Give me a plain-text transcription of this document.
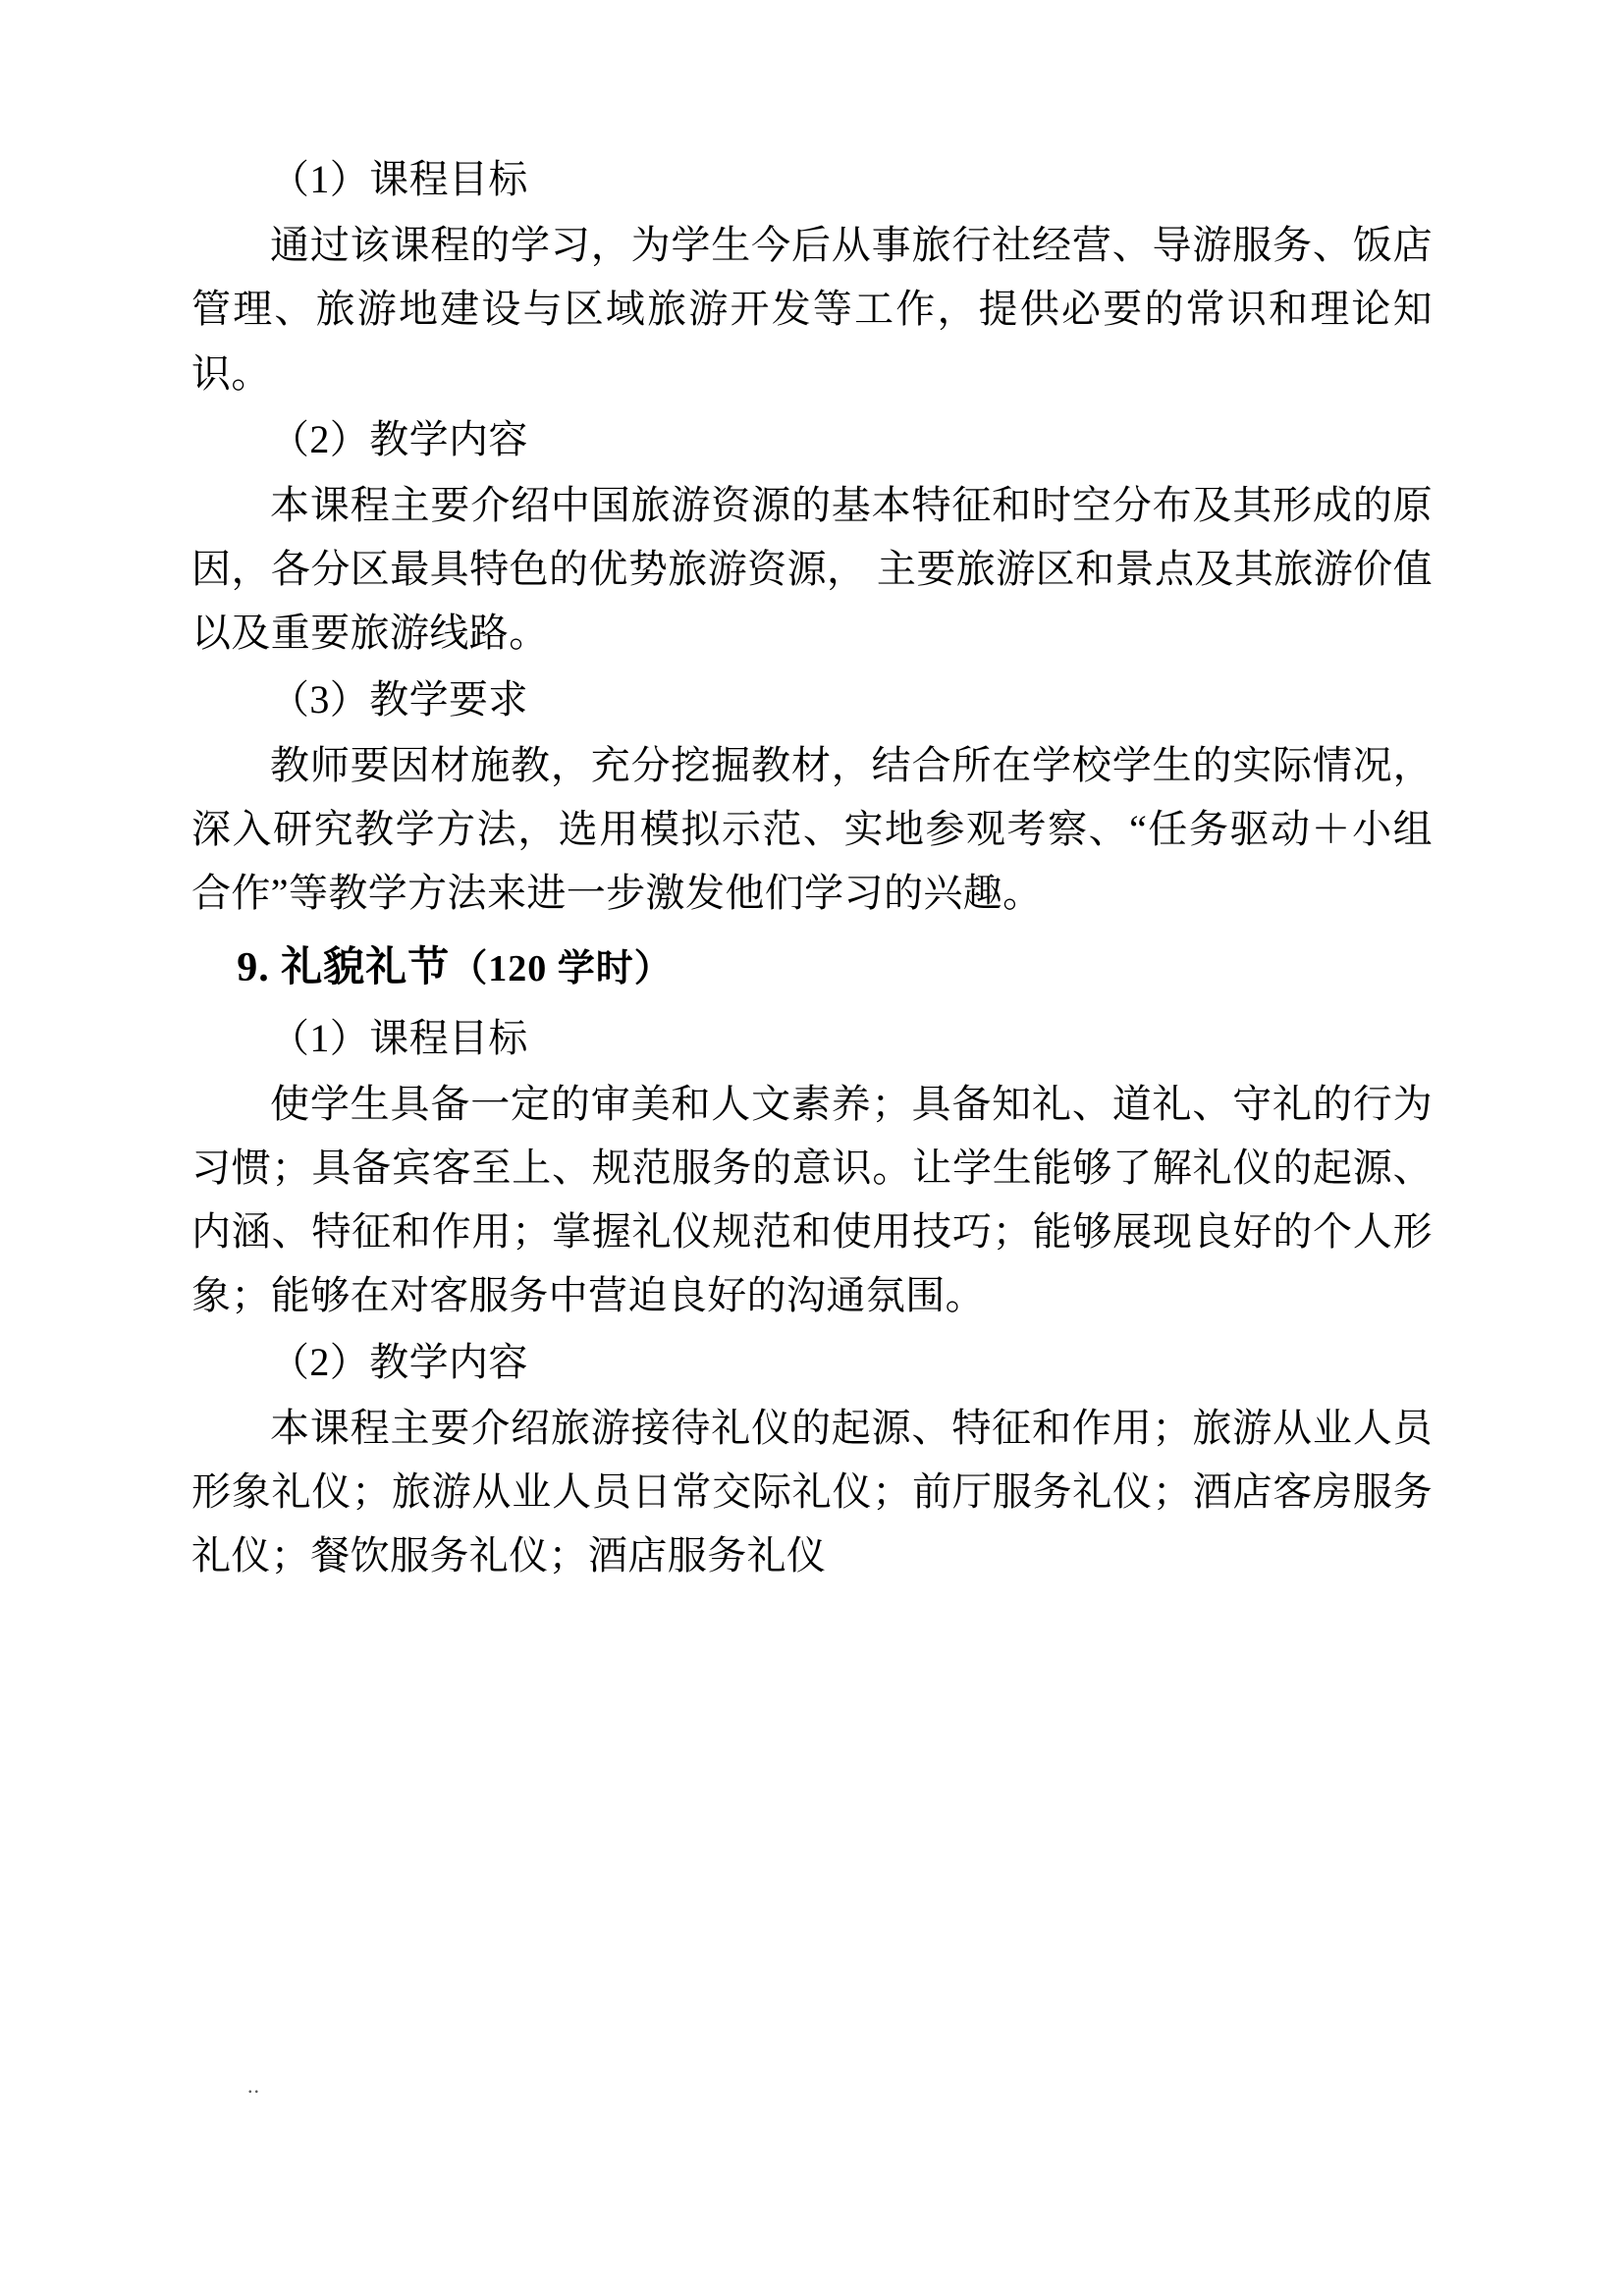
（1）课程目标

通过该课程的学习，为学生今后从事旅行社经营、导游服务、饭店管理、旅游地建设与区域旅游开发等工作，提供必要的常识和理论知识。

（2）教学内容

本课程主要介绍中国旅游资源的基本特征和时空分布及其形成的原因，各分区最具特色的优势旅游资源， 主要旅游区和景点及其旅游价值以及重要旅游线路。

（3）教学要求

教师要因材施教，充分挖掘教材，结合所在学校学生的实际情况，深入研究教学方法，选用模拟示范、实地参观考察、“任务驱动＋小组合作”等教学方法来进一步激发他们学习的兴趣。

9. 礼貌礼节（120 学时）

（1）课程目标

使学生具备一定的审美和人文素养；具备知礼、道礼、守礼的行为习惯；具备宾客至上、规范服务的意识。让学生能够了解礼仪的起源、内涵、特征和作用；掌握礼仪规范和使用技巧；能够展现良好的个人形象；能够在对客服务中营迫良好的沟通氛围。

（2）教学内容

本课程主要介绍旅游接待礼仪的起源、特征和作用；旅游从业人员形象礼仪；旅游从业人员日常交际礼仪；前厅服务礼仪；酒店客房服务礼仪；餐饮服务礼仪；酒店服务礼仪

..
